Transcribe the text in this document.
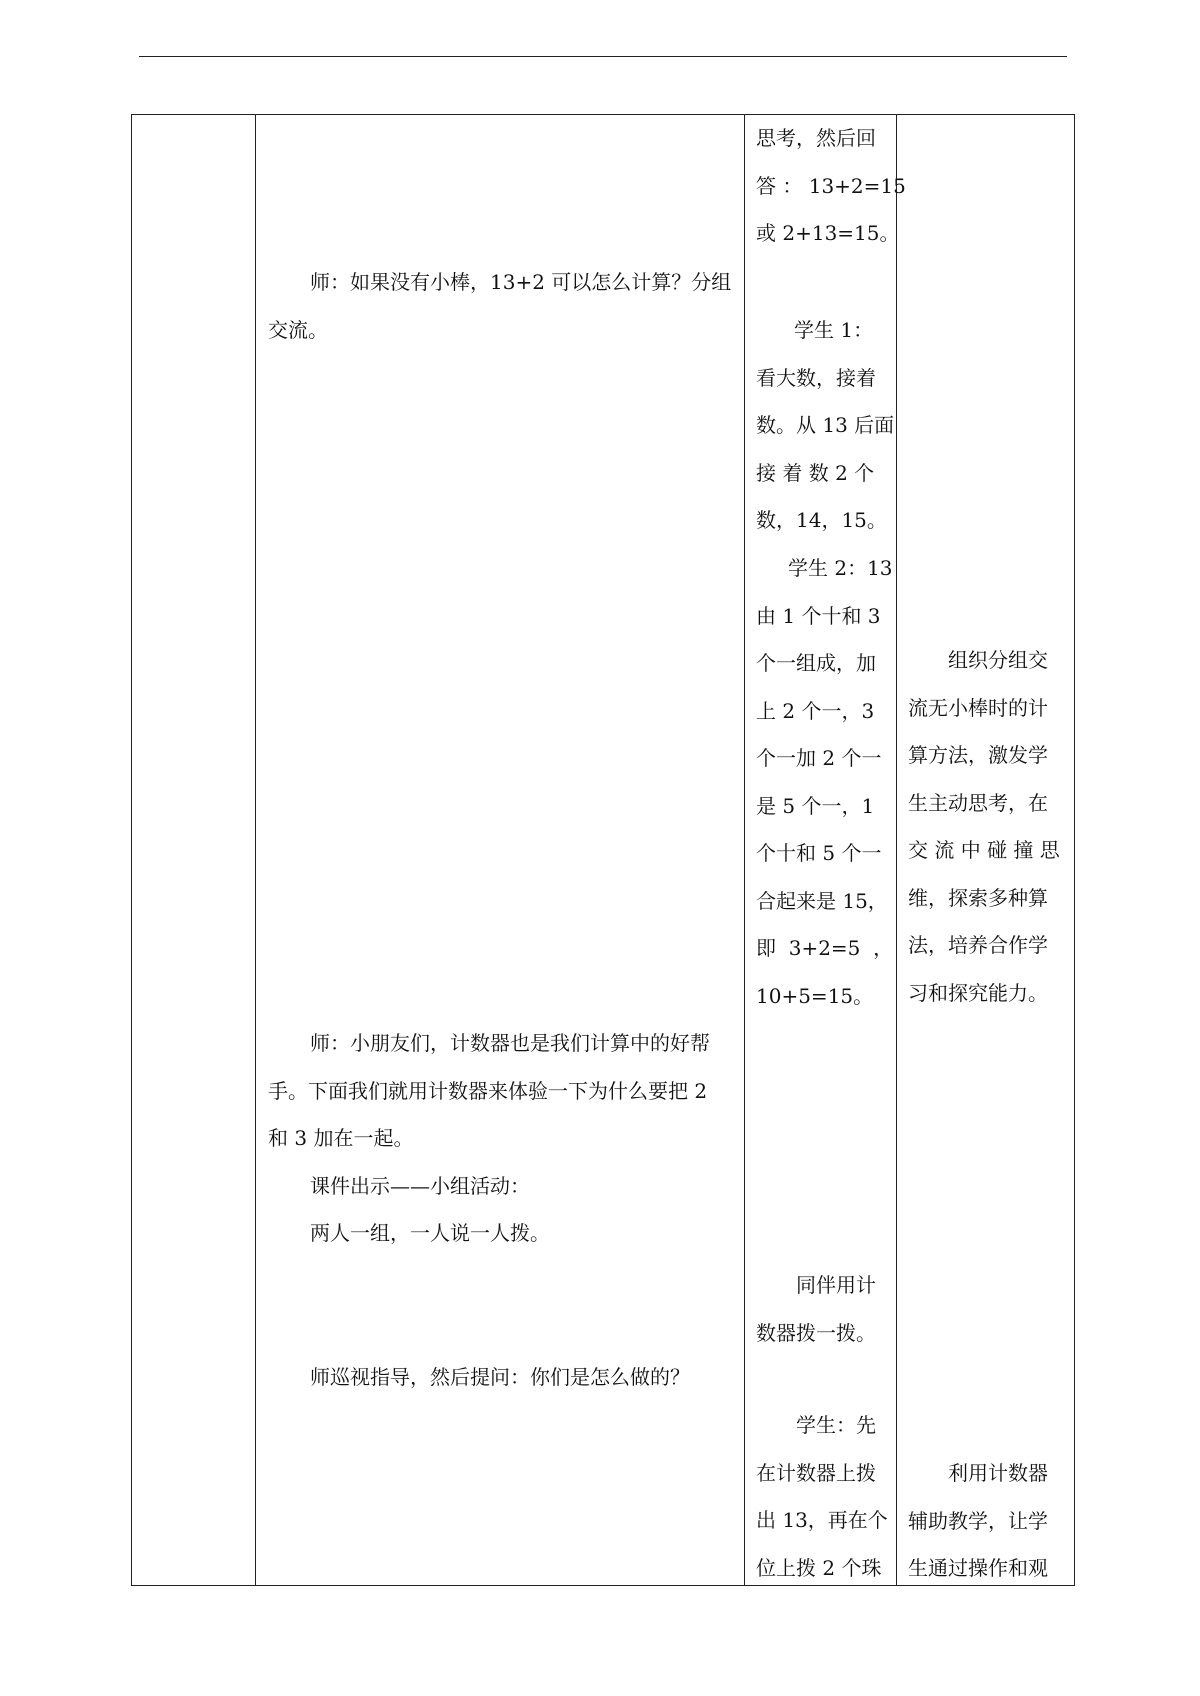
师：如果没有小棒，13+2 可以怎么计算？分组
交流。
师：小朋友们，计数器也是我们计算中的好帮
手。下面我们就用计数器来体验一下为什么要把 2
和 3 加在一起。
课件出示——小组活动：
两人一组，一人说一人拨。
师巡视指导，然后提问：你们是怎么做的？
思考，然后回
答 ： 13+2=15
或 2+13=15。
学生 1：
看大数，接着
数。从 13 后面
接 着 数 2 个
数，14，15。
学生 2：13
由 1 个十和 3
个一组成，加
上 2 个一，3
个一加 2 个一
是 5 个一，1
个十和 5 个一
合起来是 15，
即  3+2=5  ，
10+5=15。
同伴用计
数器拨一拨。
学生：先
在计数器上拨
出 13，再在个
位上拨 2 个珠
组织分组交
流无小棒时的计
算方法，激发学
生主动思考，在
交 流 中 碰 撞 思
维，探索多种算
法，培养合作学
习和探究能力。
利用计数器
辅助教学，让学
生通过操作和观
